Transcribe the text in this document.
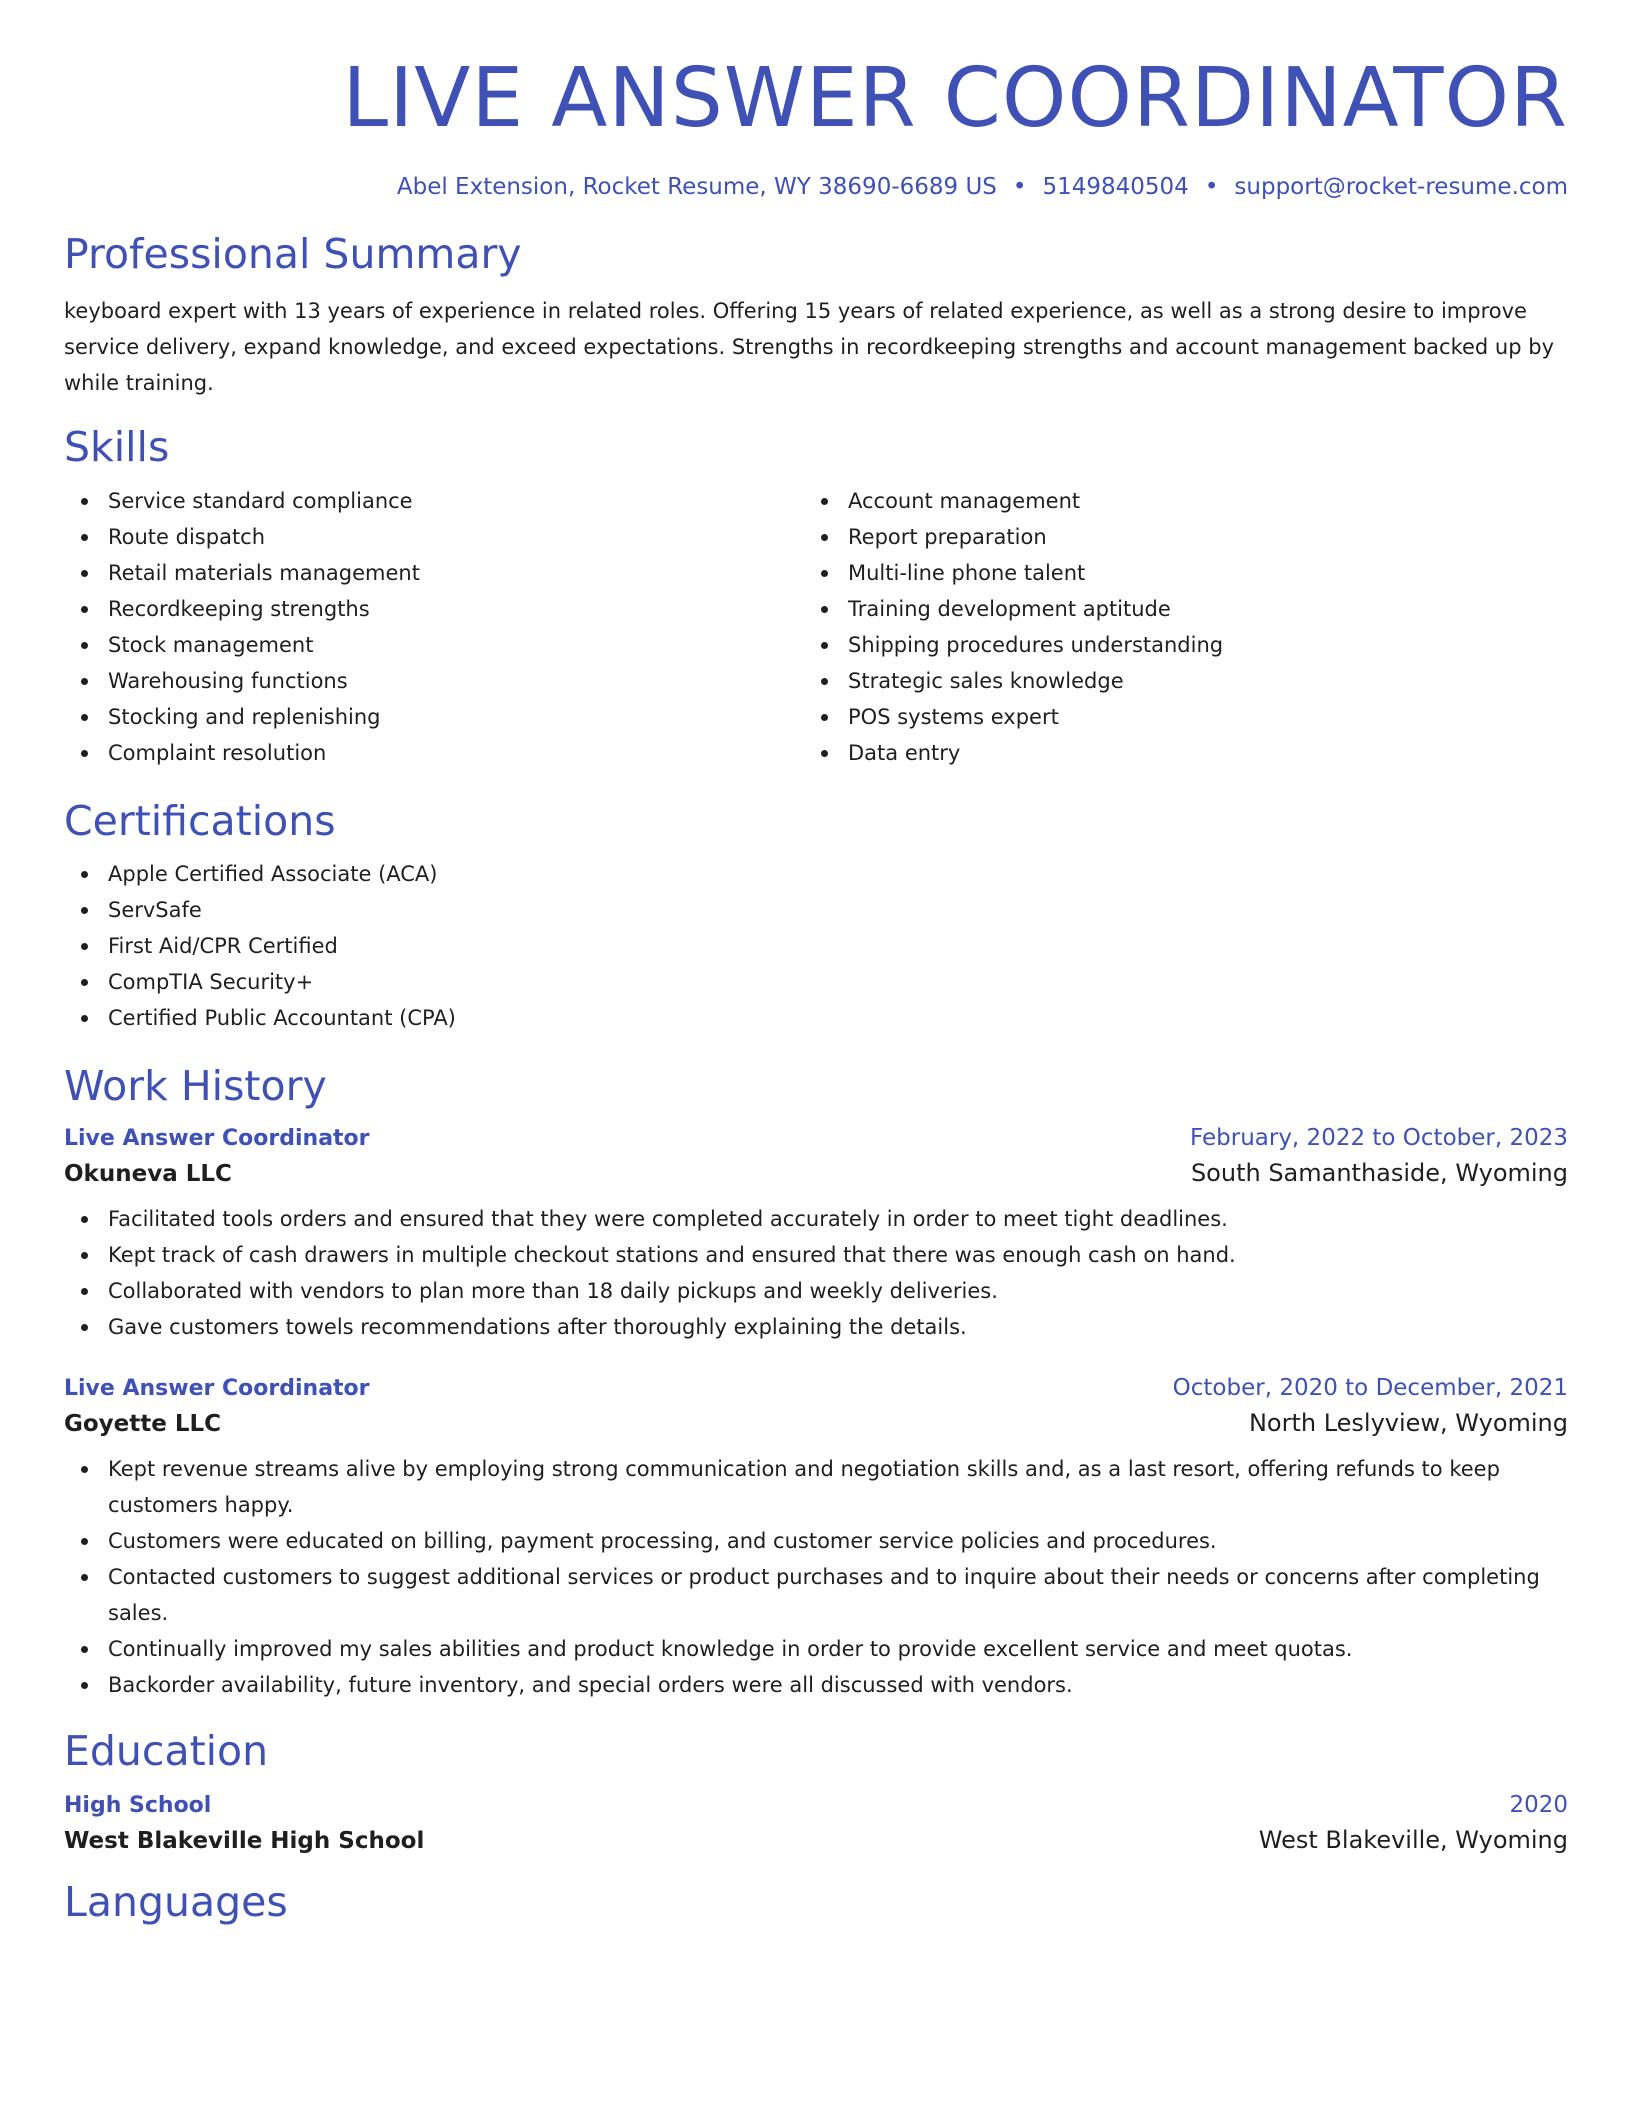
LIVE ANSWER COORDINATOR
Abel Extension, Rocket Resume, WY 38690-6689 US • 5149840504 • support@rocket-resume.com
Professional Summary

keyboard expert with 13 years of experience in related roles. Offering 15 years of related experience, as well as a strong desire to improve service delivery, expand knowledge, and exceed expectations. Strengths in recordkeeping strengths and account management backed up by while training.

Skills
Service standard compliance
Route dispatch
Retail materials management
Recordkeeping strengths
Stock management
Warehousing functions
Stocking and replenishing
Complaint resolution
Account management
Report preparation
Multi-line phone talent
Training development aptitude
Shipping procedures understanding
Strategic sales knowledge
POS systems expert
Data entry
Certifications
Apple Certified Associate (ACA)
ServSafe
First Aid/CPR Certified
CompTIA Security+
Certified Public Accountant (CPA)
Work History
Live Answer Coordinator	February, 2022 to October, 2023
Okuneva LLC	South Samanthaside, Wyoming
Facilitated tools orders and ensured that they were completed accurately in order to meet tight deadlines.
Kept track of cash drawers in multiple checkout stations and ensured that there was enough cash on hand.
Collaborated with vendors to plan more than 18 daily pickups and weekly deliveries.
Gave customers towels recommendations after thoroughly explaining the details.
Live Answer Coordinator	October, 2020 to December, 2021
Goyette LLC	North Leslyview, Wyoming
Kept revenue streams alive by employing strong communication and negotiation skills and, as a last resort, offering refunds to keep customers happy.
Customers were educated on billing, payment processing, and customer service policies and procedures.
Contacted customers to suggest additional services or product purchases and to inquire about their needs or concerns after completing sales.
Continually improved my sales abilities and product knowledge in order to provide excellent service and meet quotas.
Backorder availability, future inventory, and special orders were all discussed with vendors.
Education
High School	2020
West Blakeville High School	West Blakeville, Wyoming
Languages
